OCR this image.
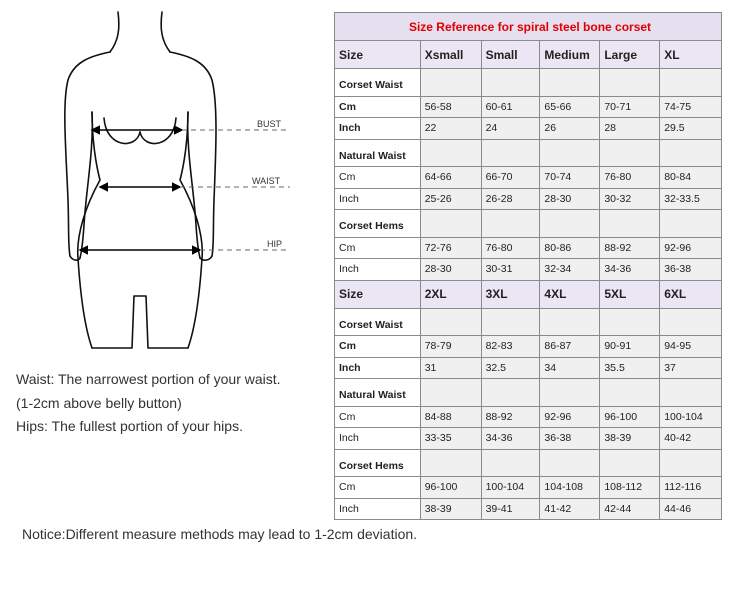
BUST
WAIST
HIP
Waist: The narrowest portion of your waist.
(1-2cm above belly button)
Hips: The fullest portion of your hips.
Notice:Different measure methods may lead to 1-2cm deviation.
Size Reference for spiral steel bone corset					
Size	Xsmall	Small	Medium	Large	XL
Corset Waist					
Cm	56-58	60-61	65-66	70-71	74-75
Inch	22	24	26	28	29.5
Natural Waist					
Cm	64-66	66-70	70-74	76-80	80-84
Inch	25-26	26-28	28-30	30-32	32-33.5
Corset Hems					
Cm	72-76	76-80	80-86	88-92	92-96
Inch	28-30	30-31	32-34	34-36	36-38
Size	2XL	3XL	4XL	5XL	6XL
Corset Waist					
Cm	78-79	82-83	86-87	90-91	94-95
Inch	31	32.5	34	35.5	37
Natural Waist					
Cm	84-88	88-92	92-96	96-100	100-104
Inch	33-35	34-36	36-38	38-39	40-42
Corset Hems					
Cm	96-100	100-104	104-108	108-112	112-116
Inch	38-39	39-41	41-42	42-44	44-46
